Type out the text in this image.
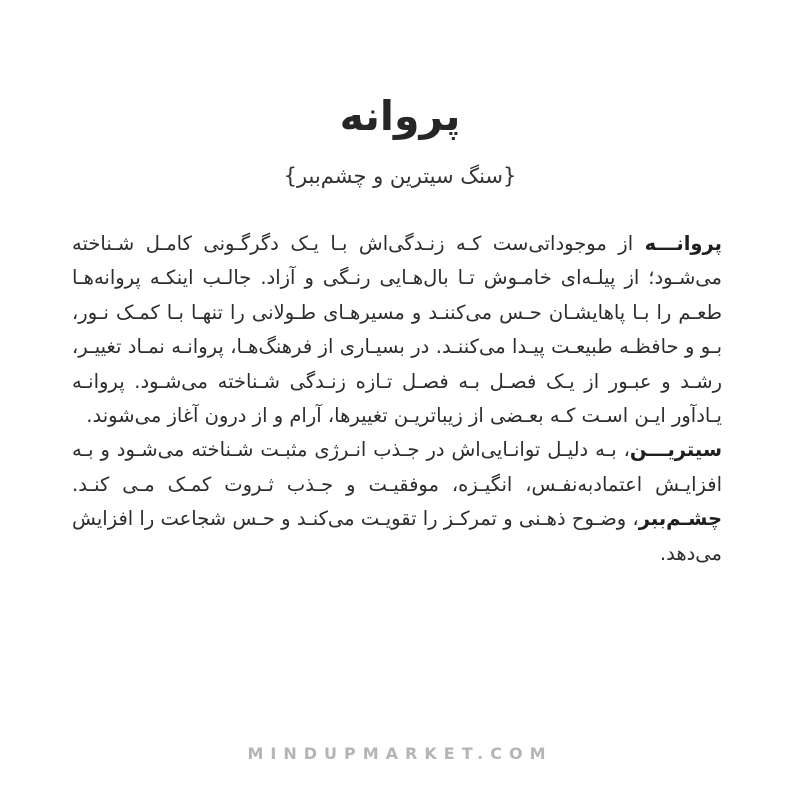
پروانه
{سنگ سیترین و چشم‌ببر}

پروانـــه از موجوداتی‌ست کـه زنـدگی‌اش بـا یـک دگرگـونی کامـل شـناخته می‌شـود؛ از پیلـه‌ای خامـوش تـا بال‌هـایی رنـگی و آزاد. جالـب اینکـه پروانه‌هـا طعـم را بـا پاهایشـان حـس می‌کننـد و مسیرهـای طـولانی را تنهـا بـا کمـک نـور، بـو و حافظـه طبیعـت پیـدا می‌کننـد. در بسیـاری از فرهنگ‌هـا، پروانـه نمـاد تغییـر، رشـد و عبـور از یـک فصـل بـه فصـل تـازه زنـدگی شـناخته می‌شـود. پروانـه یـادآور ایـن اسـت کـه بعـضی از زیباتریـن تغییرها، آرام و از درون آغاز می‌شوند.

سیتریـــن، بـه دلیـل توانـایی‌اش در جـذب انـرژی مثبـت شـناخته می‌شـود و بـه افزایـش اعتمادبه‌نفـس، انگیـزه، موفقیـت و جـذب ثـروت کمـک مـی کنـد. چشـم‌ببر، وضـوح ذهـنی و تمرکـز را تقویـت می‌کنـد و حـس شجاعت را افزایش می‌دهد.

MINDUPMARKET.COM
